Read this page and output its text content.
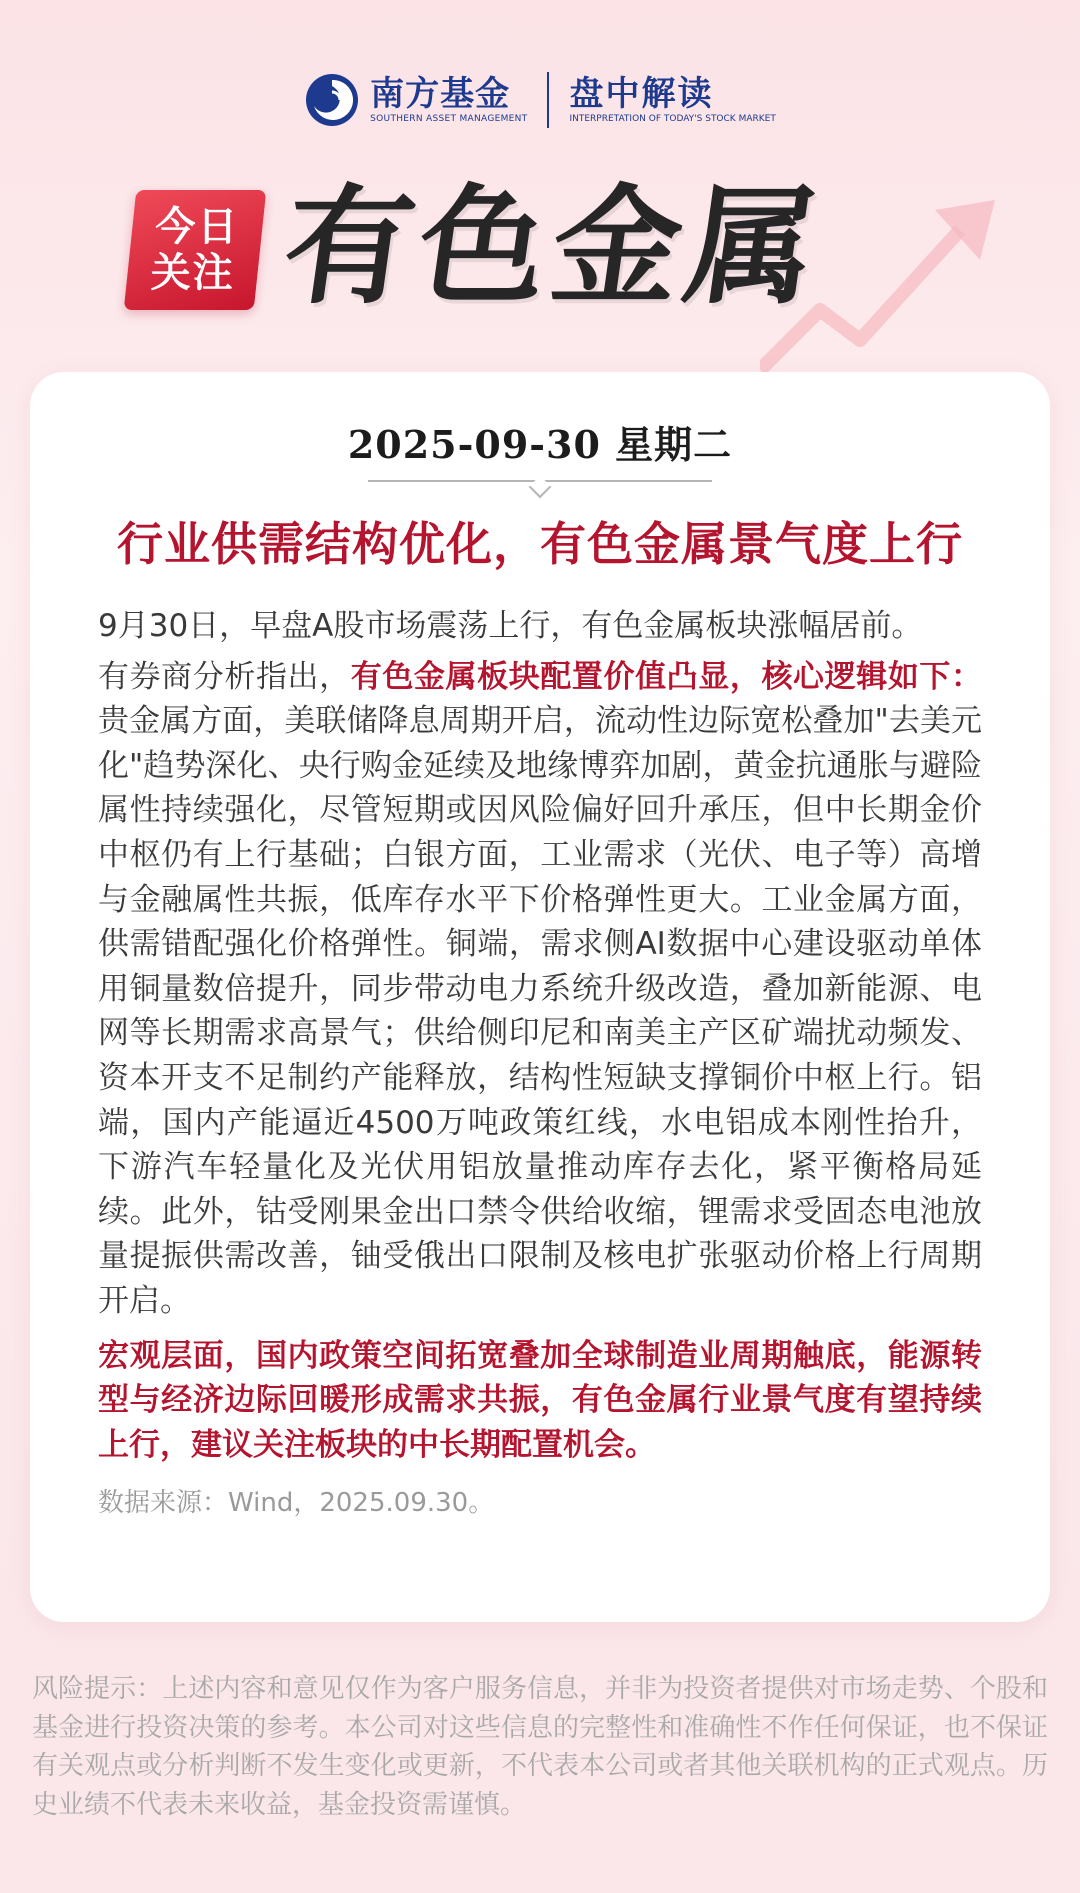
南方基金
SOUTHERN ASSET MANAGEMENT
盘中解读
INTERPRETATION OF TODAY'S STOCK MARKET
今日
关注 有色金属
2025-09-30 星期二
行业供需结构优化，有色金属景气度上行

9月30日，早盘A股市场震荡上行，有色金属板块涨幅居前。

有券商分析指出，有色金属板块配置价值凸显，核心逻辑如下：贵金属方面，美联储降息周期开启，流动性边际宽松叠加"去美元化"趋势深化、央行购金延续及地缘博弈加剧，黄金抗通胀与避险属性持续强化，尽管短期或因风险偏好回升承压，但中长期金价中枢仍有上行基础；白银方面，工业需求（光伏、电子等）高增与金融属性共振，低库存水平下价格弹性更大。工业金属方面，供需错配强化价格弹性。铜端，需求侧AI数据中心建设驱动单体用铜量数倍提升，同步带动电力系统升级改造，叠加新能源、电网等长期需求高景气；供给侧印尼和南美主产区矿端扰动频发、资本开支不足制约产能释放，结构性短缺支撑铜价中枢上行。铝端，国内产能逼近4500万吨政策红线，水电铝成本刚性抬升，下游汽车轻量化及光伏用铝放量推动库存去化，紧平衡格局延续。此外，钴受刚果金出口禁令供给收缩，锂需求受固态电池放量提振供需改善，铀受俄出口限制及核电扩张驱动价格上行周期开启。

宏观层面，国内政策空间拓宽叠加全球制造业周期触底，能源转型与经济边际回暖形成需求共振，有色金属行业景气度有望持续上行，建议关注板块的中长期配置机会。

数据来源：Wind，2025.09.30。

风险提示：上述内容和意见仅作为客户服务信息，并非为投资者提供对市场走势、个股和基金进行投资决策的参考。本公司对这些信息的完整性和准确性不作任何保证，也不保证有关观点或分析判断不发生变化或更新，不代表本公司或者其他关联机构的正式观点。历史业绩不代表未来收益，基金投资需谨慎。
